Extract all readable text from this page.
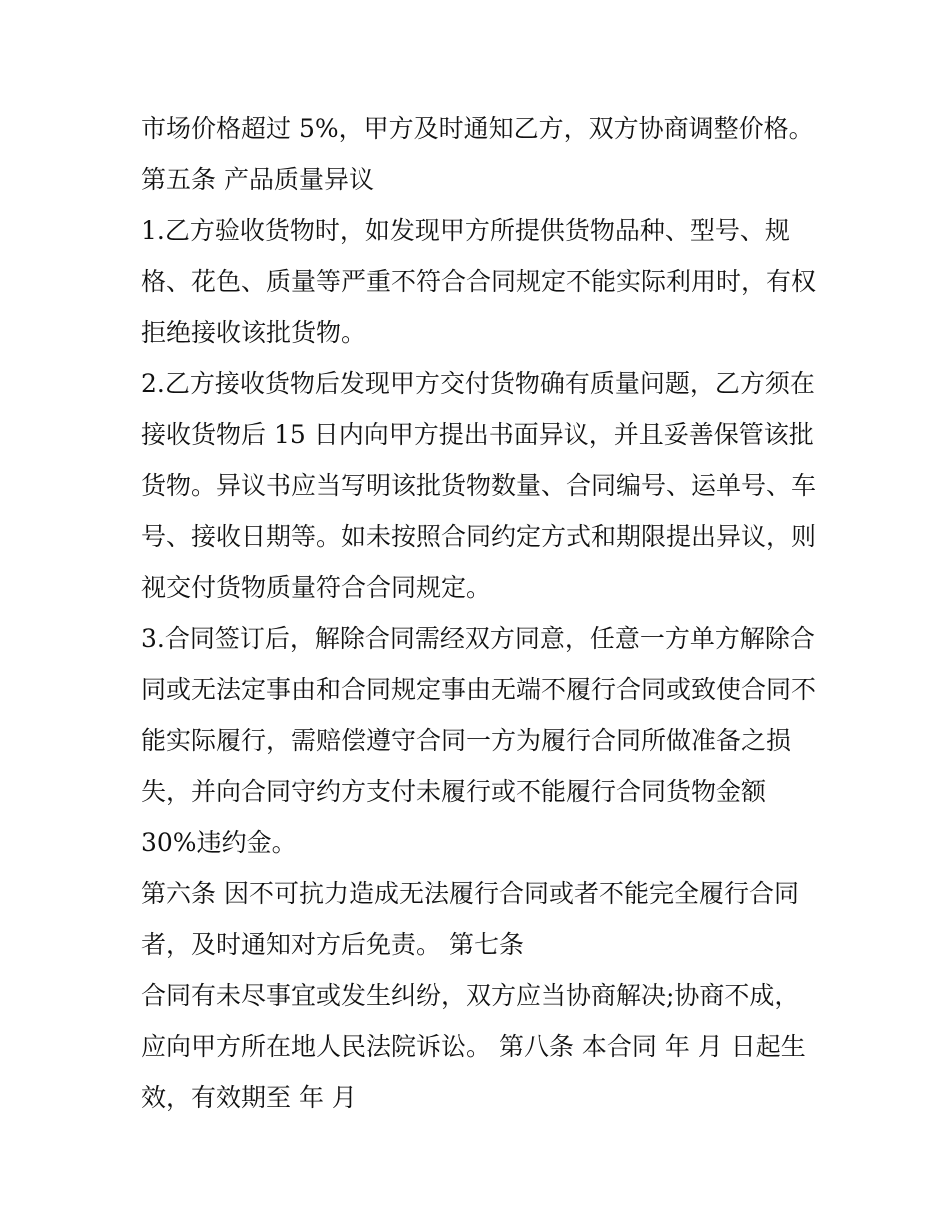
市场价格超过 5%，甲方及时通知乙方，双方协商调整价格。
第五条 产品质量异议
1.乙方验收货物时，如发现甲方所提供货物品种、型号、规
格、花色、质量等严重不符合合同规定不能实际利用时，有权
拒绝接收该批货物。
2.乙方接收货物后发现甲方交付货物确有质量问题，乙方须在
接收货物后 15 日内向甲方提出书面异议，并且妥善保管该批
货物。异议书应当写明该批货物数量、合同编号、运单号、车
号、接收日期等。如未按照合同约定方式和期限提出异议，则
视交付货物质量符合合同规定。
3.合同签订后，解除合同需经双方同意，任意一方单方解除合
同或无法定事由和合同规定事由无端不履行合同或致使合同不
能实际履行，需赔偿遵守合同一方为履行合同所做准备之损
失，并向合同守约方支付未履行或不能履行合同货物金额
30%违约金。
第六条 因不可抗力造成无法履行合同或者不能完全履行合同
者，及时通知对方后免责。 第七条
合同有未尽事宜或发生纠纷，双方应当协商解决;协商不成，
应向甲方所在地人民法院诉讼。 第八条 本合同 年 月 日起生
效，有效期至 年 月
